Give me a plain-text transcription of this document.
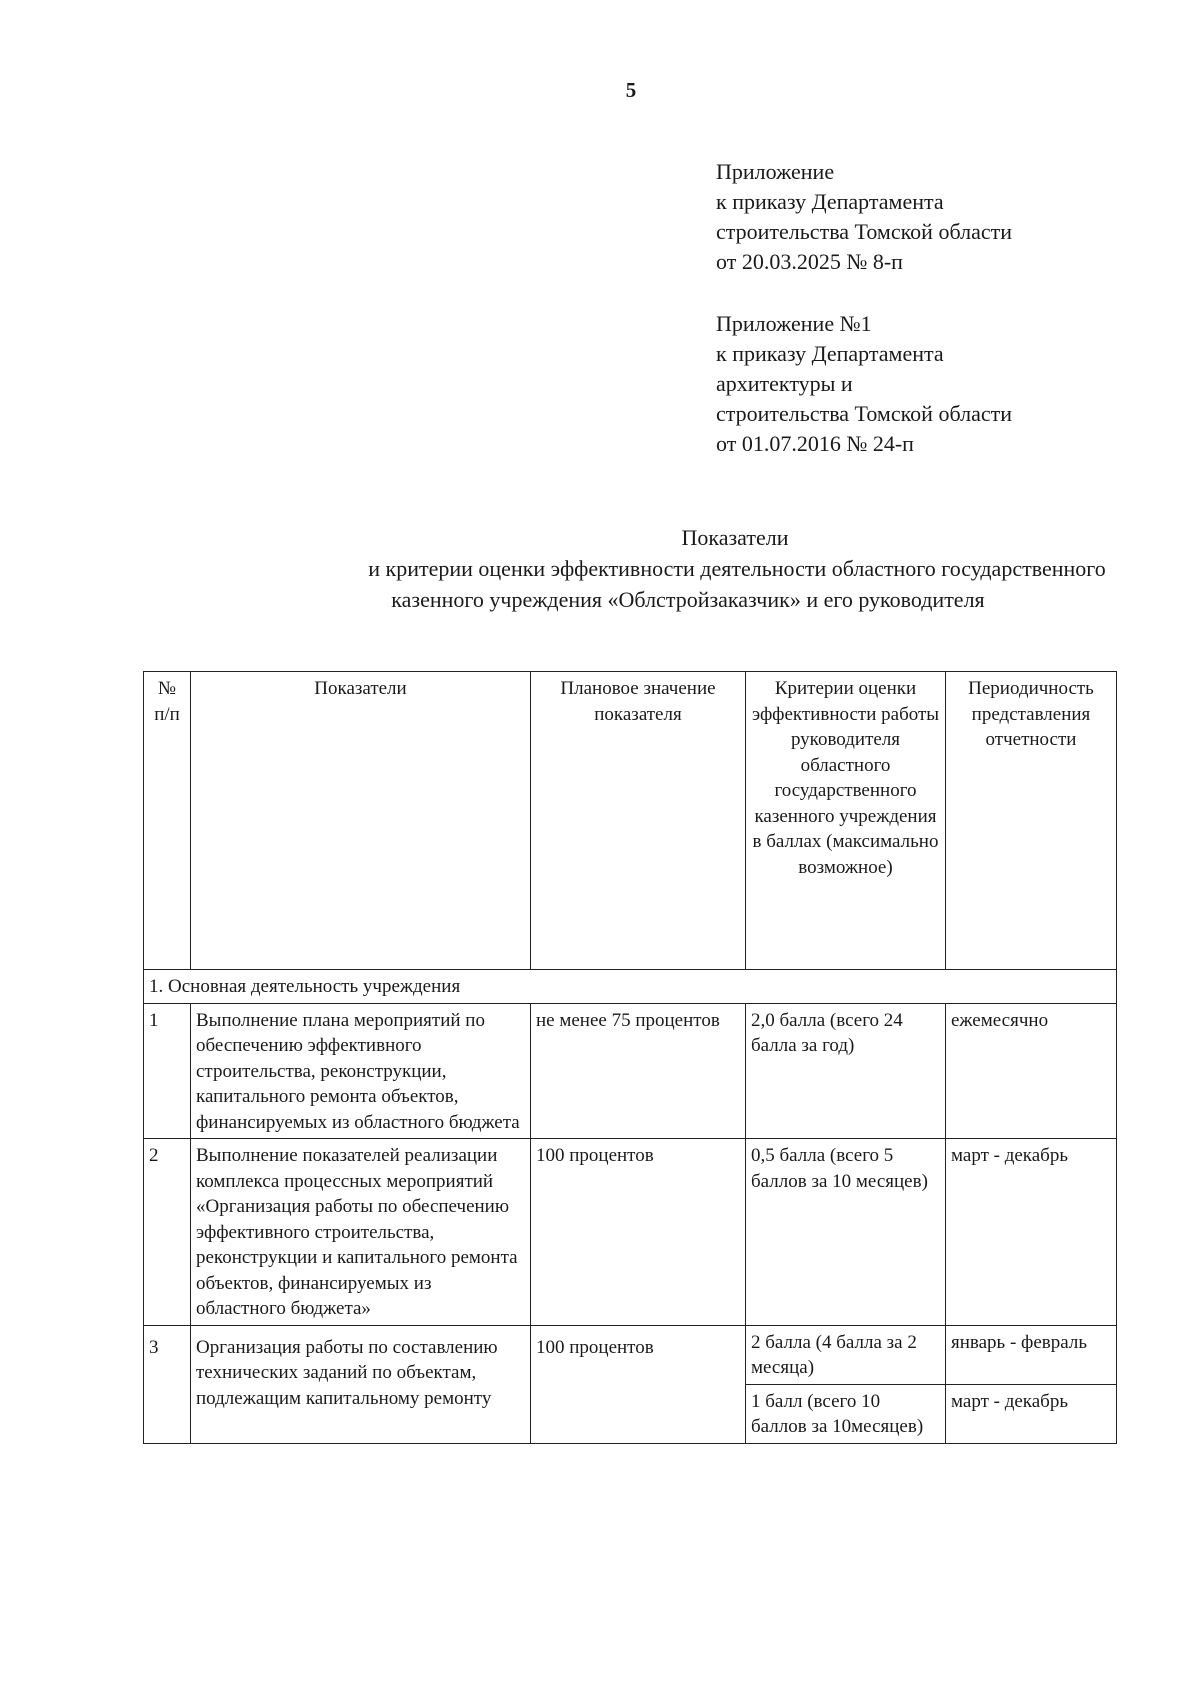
5
Приложение
к приказу Департамента
строительства Томской области
от 20.03.2025 № 8-п
Приложение №1
к приказу Департамента
архитектуры и
строительства Томской области
от 01.07.2016 № 24-п
Показатели
и критерии оценки эффективности деятельности областного государственного
казенного учреждения «Облстройзаказчик» и его руководителя
№ п/п	Показатели	Плановое значение показателя	Критерии оценки эффективности работы руководителя областного государственного казенного учреждения в баллах (максимально возможное)	Периодичность представления отчетности
1. Основная деятельность учреждения				
1	Выполнение плана мероприятий по обеспечению эффективного строительства, реконструкции, капитального ремонта объектов, финансируемых из областного бюджета	не менее 75 процентов	2,0 балла (всего 24 балла за год)	ежемесячно
2	Выполнение показателей реализации комплекса процессных мероприятий «Организация работы по обеспечению эффективного строительства, реконструкции и капитального ремонта объектов, финансируемых из областного бюджета»	100 процентов	0,5 балла (всего 5 баллов за 10 месяцев)	март - декабрь
3	Организация работы по составлению технических заданий по объектам, подлежащим капитальному ремонту	100 процентов	2 балла (4 балла за 2 месяца)	январь - февраль
			1 балл (всего 10 баллов за 10месяцев)	март - декабрь
